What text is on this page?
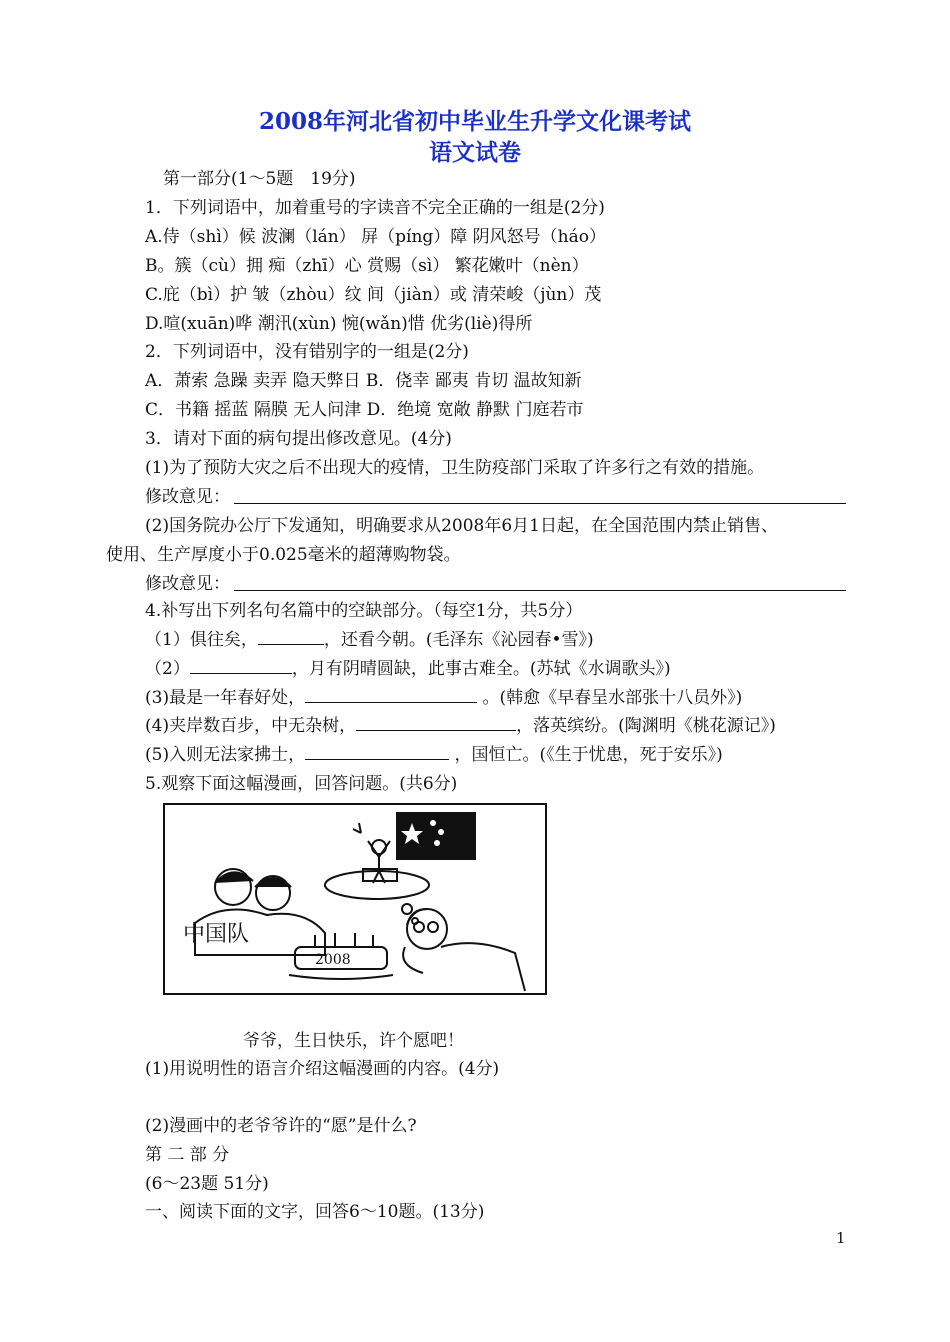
2008年河北省初中毕业生升学文化课考试
语文试卷
第一部分(1～5题　19分)
1．下列词语中，加着重号的字读音不完全正确的一组是(2分)
A.侍（shì）候 波澜（lán） 屏（píng）障 阴风怒号（háo）
B。簇（cù）拥 痴（zhī）心 赏赐（sì） 繁花嫩叶（nèn）
C.庇（bì）护 皱（zhòu）纹 间（jiàn）或 清荣峻（jùn）茂
D.喧(xuān)哗 潮汛(xùn) 惋(wǎn)惜 优劣(liè)得所
2．下列词语中，没有错别字的一组是(2分)
A．萧索 急躁 卖弄 隐天弊日 B．侥幸 鄙夷 肯切 温故知新
C．书籍 摇蓝 隔膜 无人问津 D．绝境 宽敞 静默 门庭若市
3．请对下面的病句提出修改意见。(4分)
(1)为了预防大灾之后不出现大的疫情，卫生防疫部门采取了许多行之有效的措施。
修改意见：
(2)国务院办公厅下发通知，明确要求从2008年6月1日起，在全国范围内禁止销售、
使用、生产厚度小于0.025毫米的超薄购物袋。
修改意见：
4.补写出下列名句名篇中的空缺部分。（每空1分，共5分）
（1）俱往矣，	，还看今朝。(毛泽东《沁园春•雪》)
（2）	，月有阴晴圆缺，此事古难全。(苏轼《水调歌头》)
(3)最是一年春好处，	。(韩愈《早春呈水部张十八员外》)
(4)夹岸数百步，中无杂树，	，落英缤纷。(陶渊明《桃花源记》)
(5)入则无法家拂士，	，国恒亡。(《生于忧患，死于安乐》)
5.观察下面这幅漫画，回答问题。(共6分)
中国队
2008
爷爷，生日快乐，许个愿吧！
(1)用说明性的语言介绍这幅漫画的内容。(4分)
(2)漫画中的老爷爷许的“愿”是什么?
第 二 部 分
(6～23题 51分)
一、阅读下面的文字，回答6～10题。(13分)
1
